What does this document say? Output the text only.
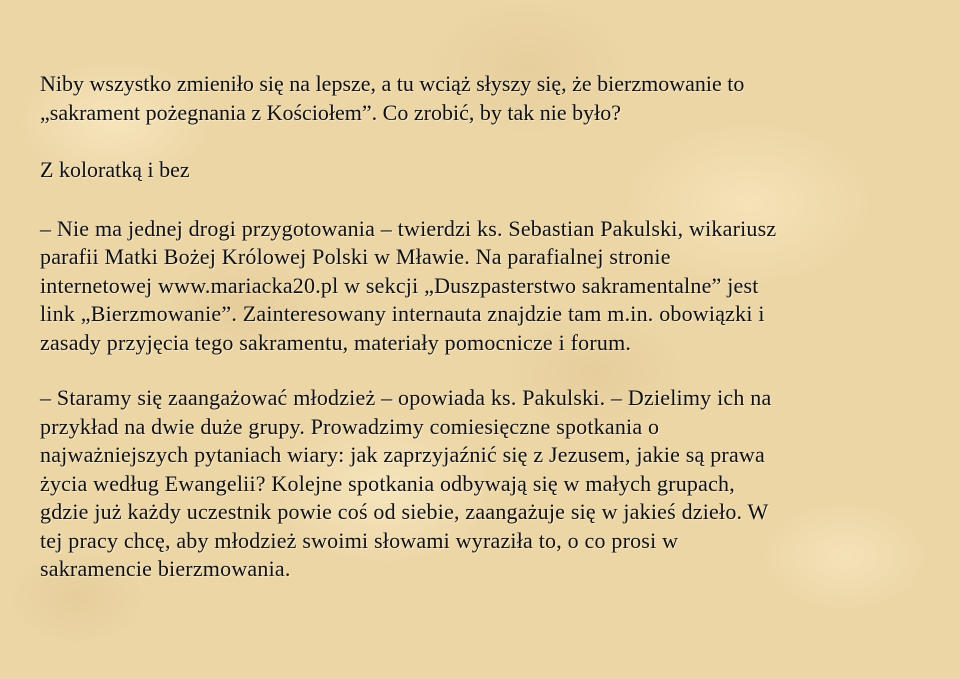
Niby wszystko zmieniło się na lepsze, a tu wciąż słyszy się, że bierzmowanie to
„sakrament pożegnania z Kościołem”. Co zrobić, by tak nie było?

Z koloratką i bez

– Nie ma jednej drogi przygotowania – twierdzi ks. Sebastian Pakulski, wikariusz
parafii Matki Bożej Królowej Polski w Mławie. Na parafialnej stronie
internetowej www.mariacka20.pl w sekcji „Duszpasterstwo sakramentalne” jest
link „Bierzmowanie”. Zainteresowany internauta znajdzie tam m.in. obowiązki i
zasady przyjęcia tego sakramentu, materiały pomocnicze i forum.

– Staramy się zaangażować młodzież – opowiada ks. Pakulski. – Dzielimy ich na
przykład na dwie duże grupy. Prowadzimy comiesięczne spotkania o
najważniejszych pytaniach wiary: jak zaprzyjaźnić się z Jezusem, jakie są prawa
życia według Ewangelii? Kolejne spotkania odbywają się w małych grupach,
gdzie już każdy uczestnik powie coś od siebie, zaangażuje się w jakieś dzieło. W
tej pracy chcę, aby młodzież swoimi słowami wyraziła to, o co prosi w
sakramencie bierzmowania.
